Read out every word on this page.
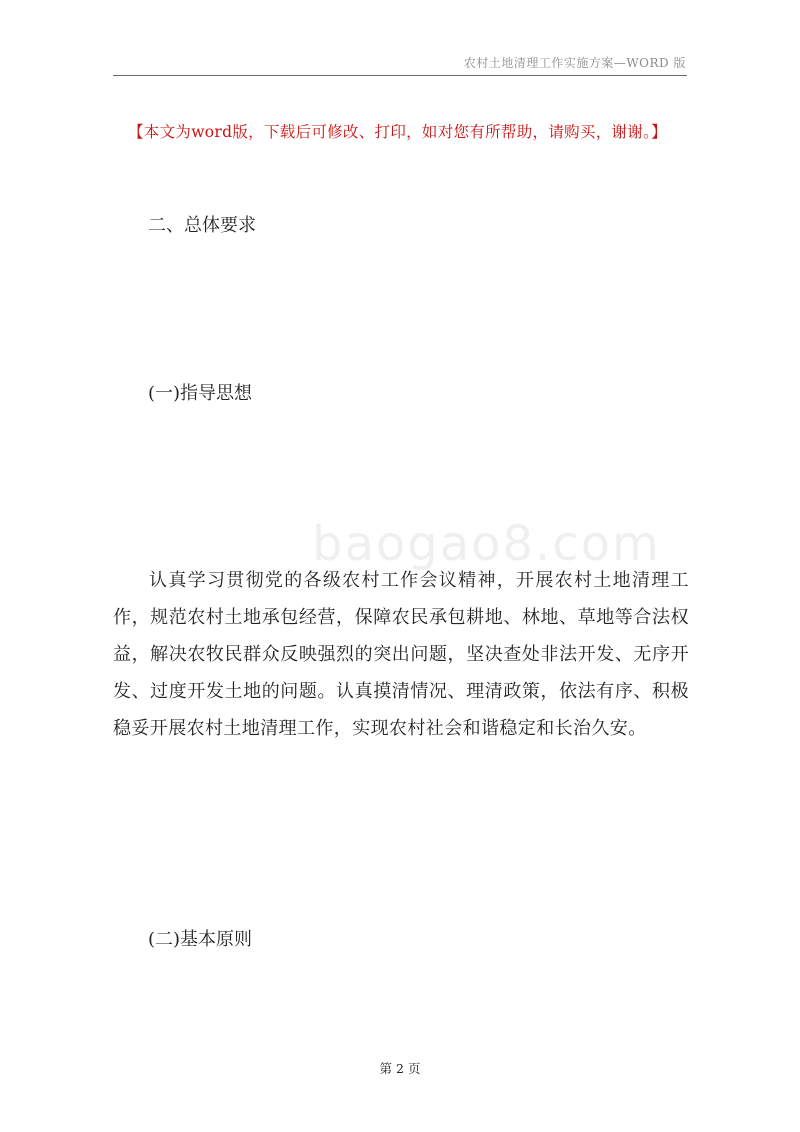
农村土地清理工作实施方案—WORD 版
【本文为word版，下载后可修改、打印，如对您有所帮助，请购买，谢谢。】
二、总体要求
(一)指导思想
baogao8.com

认真学习贯彻党的各级农村工作会议精神，开展农村土地清理工作，规范农村土地承包经营，保障农民承包耕地、林地、草地等合法权益，解决农牧民群众反映强烈的突出问题，坚决查处非法开发、无序开发、过度开发土地的问题。认真摸清情况、理清政策，依法有序、积极稳妥开展农村土地清理工作，实现农村社会和谐稳定和长治久安。

(二)基本原则
第 2 页
